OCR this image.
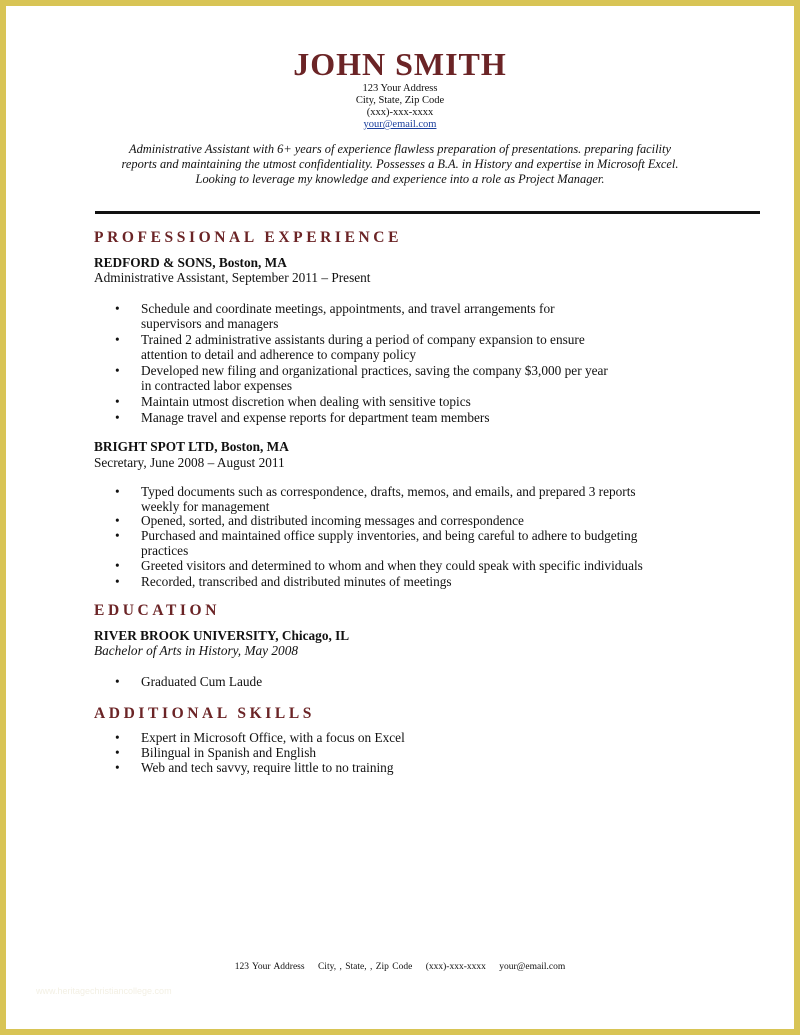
JOHN SMITH
123 Your Address
City, State, Zip Code
(xxx)-xxx-xxxx
your@email.com
Administrative Assistant with 6+ years of experience flawless preparation of presentations. preparing facility
reports and maintaining the utmost confidentiality. Possesses a B.A. in History and expertise in Microsoft Excel.
Looking to leverage my knowledge and experience into a role as Project Manager.
PROFESSIONAL EXPERIENCE
REDFORD & SONS, Boston, MA
Administrative Assistant, September 2011 – Present
• Schedule and coordinate meetings, appointments, and travel arrangements for
supervisors and managers
• Trained 2 administrative assistants during a period of company expansion to ensure
attention to detail and adherence to company policy
• Developed new filing and organizational practices, saving the company $3,000 per year
in contracted labor expenses
• Maintain utmost discretion when dealing with sensitive topics
• Manage travel and expense reports for department team members
BRIGHT SPOT LTD, Boston, MA
Secretary, June 2008 – August 2011
• Typed documents such as correspondence, drafts, memos, and emails, and prepared 3 reports
weekly for management
• Opened, sorted, and distributed incoming messages and correspondence
• Purchased and maintained office supply inventories, and being careful to adhere to budgeting
practices
• Greeted visitors and determined to whom and when they could speak with specific individuals
• Recorded, transcribed and distributed minutes of meetings
EDUCATION
RIVER BROOK UNIVERSITY, Chicago, IL
Bachelor of Arts in History, May 2008
• Graduated Cum Laude
ADDITIONAL SKILLS
• Expert in Microsoft Office, with a focus on Excel
• Bilingual in Spanish and English
• Web and tech savvy, require little to no training
123 Your Address City, , State, , Zip Code (xxx)-xxx-xxxx your@email.com
www.heritagechristiancollege.com
